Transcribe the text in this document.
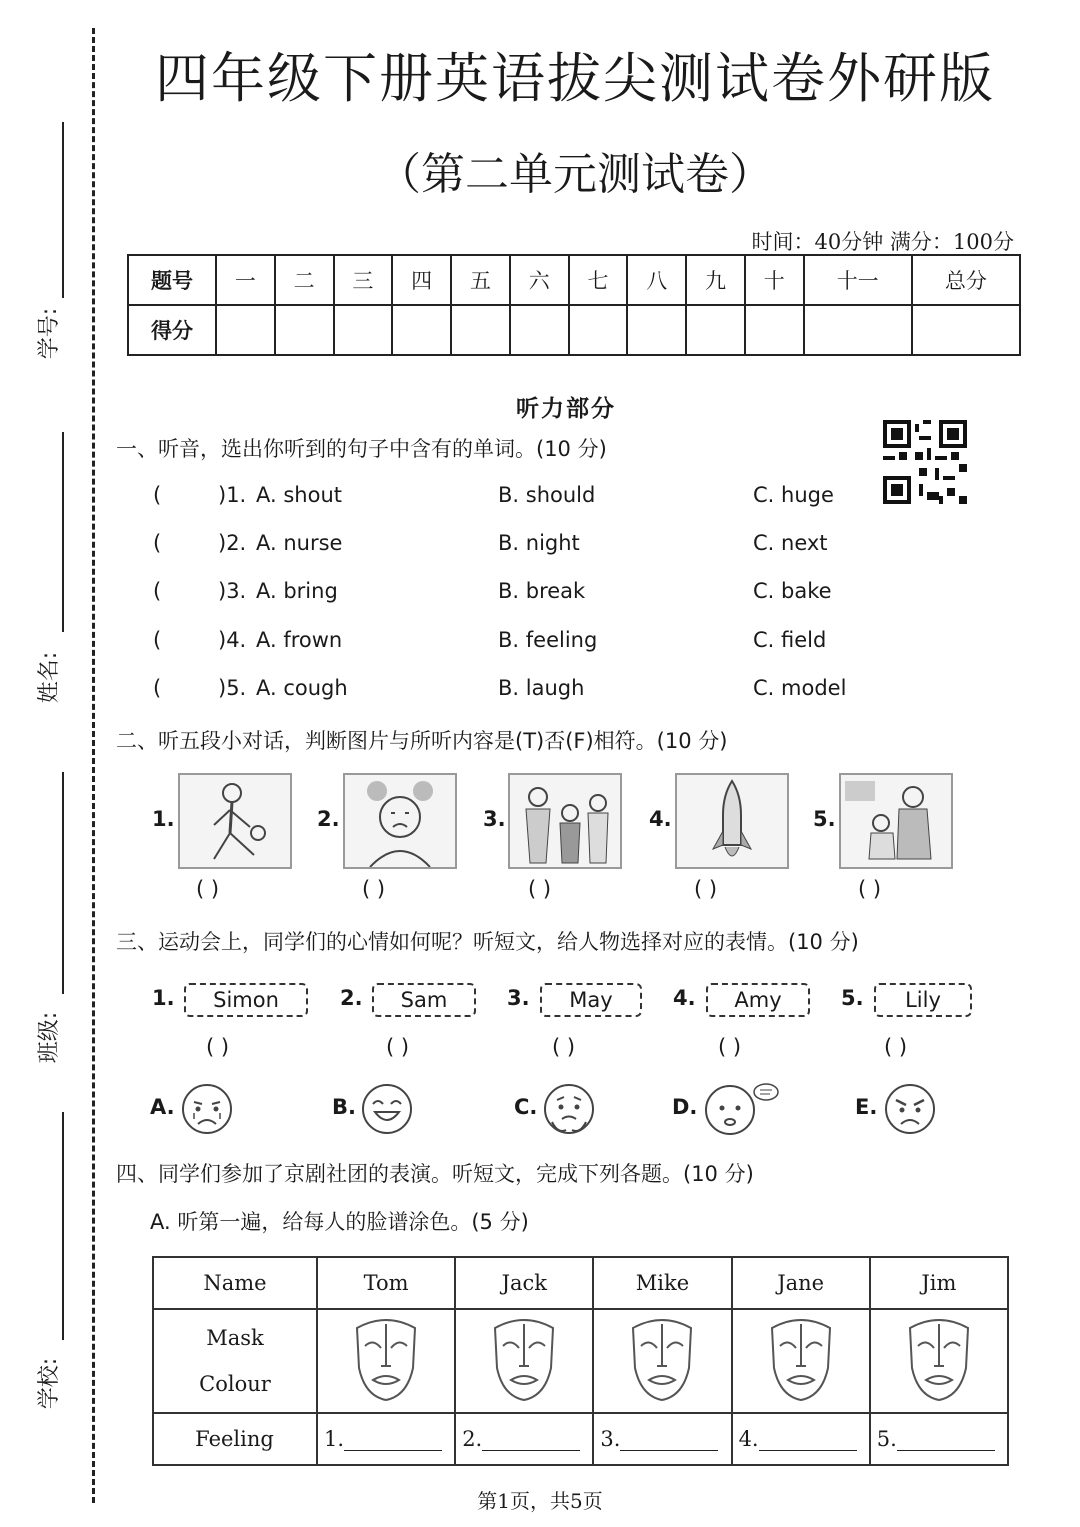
学号:
姓名:
班级:
学校:
四年级下册英语拔尖测试卷外研版
（第二单元测试卷）
时间：40分钟 满分：100分
题号	一	二	三	四	五	六	七	八	九	十	十一	总分
得分												
听力部分
一、听音，选出你听到的句子中含有的单词。(10 分)
(	)1. A. shout	B. should	C. huge
(	)2. A. nurse	B. night	C. next
(	)3. A. bring	B. break	C. bake
(	)4. A. frown	B. feeling	C. field
(	)5. A. cough	B. laugh	C. model
二、听五段小对话，判断图片与所听内容是(T)否(F)相符。(10 分)
1.
( )
2.
( )
3.
( )
4.
( )
5.
( )
三、运动会上，同学们的心情如何呢？听短文，给人物选择对应的表情。(10 分)
1.	Simon
( )
2.	Sam
( )
3.	May
( )
4.	Amy
( )
5.	Lily
( )
A.	B.	C.	D.	E.
四、同学们参加了京剧社团的表演。听短文，完成下列各题。(10 分)
A. 听第一遍，给每人的脸谱涂色。(5 分)
Name	Tom	Jack	Mike	Jane	Jim

Mask
Colour

Feeling	1.	2.	3.	4.	5.
第1页，共5页
